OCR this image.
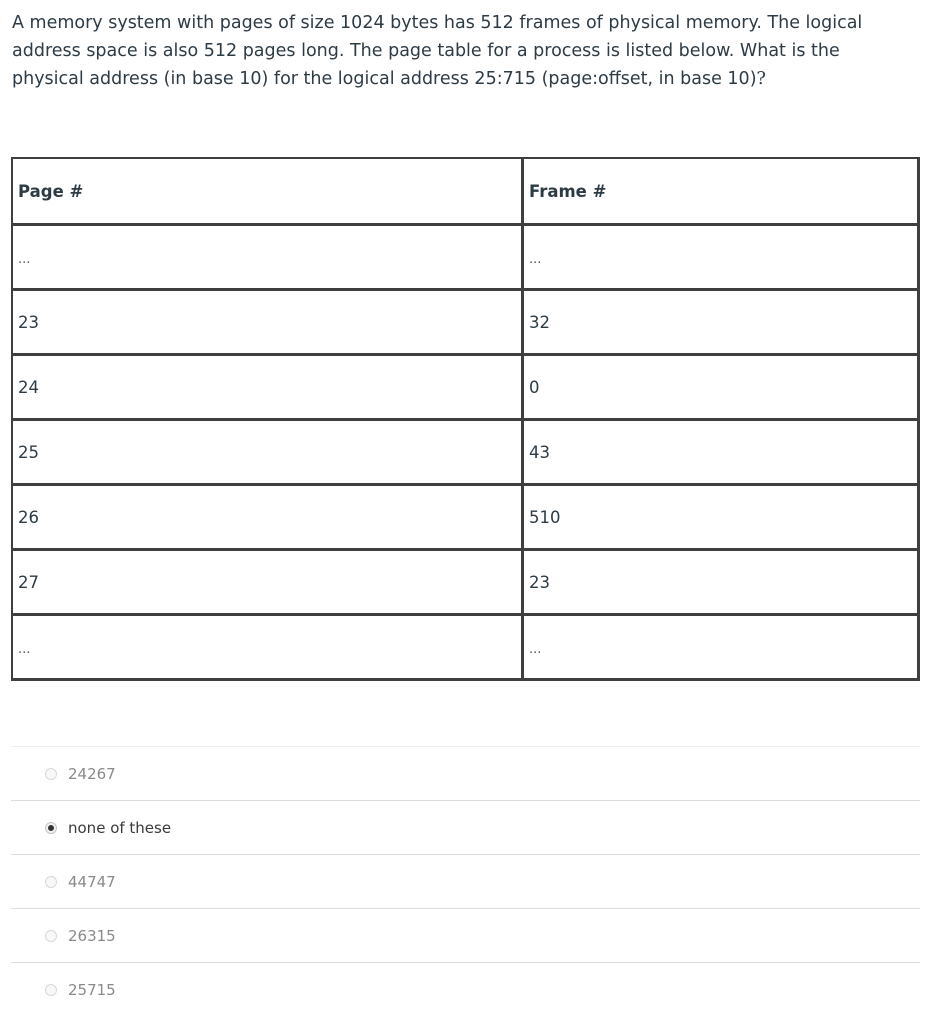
A memory system with pages of size 1024 bytes has 512 frames of physical memory. The logical address space is also 512 pages long. The page table for a process is listed below. What is the physical address (in base 10) for the logical address 25:715 (page:offset, in base 10)?
Page #	Frame #
...	...
23	32
24	0
25	43
26	510
27	23
...	...
24267
none of these
44747
26315
25715
